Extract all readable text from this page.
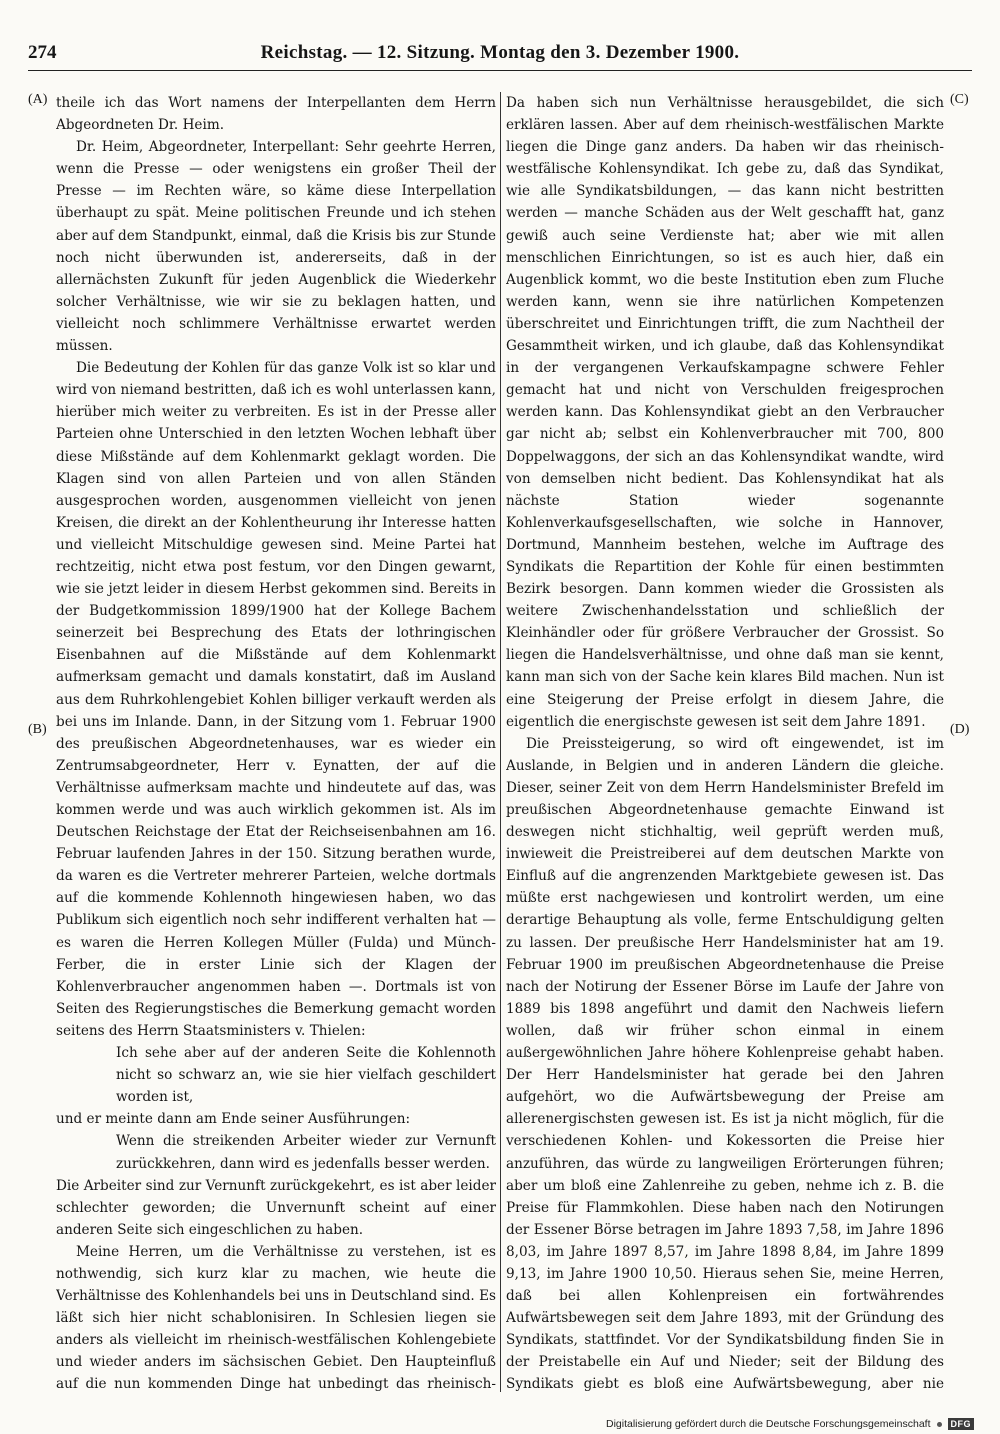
274	Reichstag. — 12. Sitzung. Montag den 3. Dezember 1900.
(A)
(B)
(C)
(D)

theile ich das Wort namens der Interpellanten dem Herrn Abgeordneten Dr. Heim.

Dr. Heim, Abgeordneter, Interpellant: Sehr geehrte Herren, wenn die Presse — oder wenigstens ein großer Theil der Presse — im Rechten wäre, so käme diese Interpellation überhaupt zu spät. Meine politischen Freunde und ich stehen aber auf dem Standpunkt, einmal, daß die Krisis bis zur Stunde noch nicht überwunden ist, andererseits, daß in der allernächsten Zukunft für jeden Augenblick die Wiederkehr solcher Verhältnisse, wie wir sie zu beklagen hatten, und vielleicht noch schlimmere Verhältnisse erwartet werden müssen.

Die Bedeutung der Kohlen für das ganze Volk ist so klar und wird von niemand bestritten, daß ich es wohl unterlassen kann, hierüber mich weiter zu verbreiten. Es ist in der Presse aller Parteien ohne Unterschied in den letzten Wochen lebhaft über diese Mißstände auf dem Kohlenmarkt geklagt worden. Die Klagen sind von allen Parteien und von allen Ständen ausgesprochen worden, ausgenommen vielleicht von jenen Kreisen, die direkt an der Kohlentheurung ihr Interesse hatten und vielleicht Mitschuldige gewesen sind. Meine Partei hat rechtzeitig, nicht etwa post festum, vor den Dingen gewarnt, wie sie jetzt leider in diesem Herbst gekommen sind. Bereits in der Budgetkommission 1899/1900 hat der Kollege Bachem seinerzeit bei Besprechung des Etats der lothringischen Eisenbahnen auf die Mißstände auf dem Kohlenmarkt aufmerksam gemacht und damals konstatirt, daß im Ausland aus dem Ruhrkohlengebiet Kohlen billiger verkauft werden als bei uns im Inlande. Dann, in der Sitzung vom 1. Februar 1900 des preußischen Abgeordnetenhauses, war es wieder ein Zentrumsabgeordneter, Herr v. Eynatten, der auf die Verhältnisse aufmerksam machte und hindeutete auf das, was kommen werde und was auch wirklich gekommen ist. Als im Deutschen Reichstage der Etat der Reichseisenbahnen am 16. Februar laufenden Jahres in der 150. Sitzung berathen wurde, da waren es die Vertreter mehrerer Parteien, welche dortmals auf die kommende Kohlennoth hingewiesen haben, wo das Publikum sich eigentlich noch sehr indifferent verhalten hat — es waren die Herren Kollegen Müller (Fulda) und Münch-Ferber, die in erster Linie sich der Klagen der Kohlenverbraucher angenommen haben —. Dortmals ist von Seiten des Regierungstisches die Bemerkung gemacht worden seitens des Herrn Staatsministers v. Thielen:

Ich sehe aber auf der anderen Seite die Kohlennoth nicht so schwarz an, wie sie hier vielfach geschildert worden ist,

und er meinte dann am Ende seiner Ausführungen:

Wenn die streikenden Arbeiter wieder zur Vernunft zurückkehren, dann wird es jedenfalls besser werden.

Die Arbeiter sind zur Vernunft zurückgekehrt, es ist aber leider schlechter geworden; die Unvernunft scheint auf einer anderen Seite sich eingeschlichen zu haben.

Meine Herren, um die Verhältnisse zu verstehen, ist es nothwendig, sich kurz klar zu machen, wie heute die Verhältnisse des Kohlenhandels bei uns in Deutschland sind. Es läßt sich hier nicht schablonisiren. In Schlesien liegen sie anders als vielleicht im rheinisch-westfälischen Kohlengebiete und wieder anders im sächsischen Gebiet. Den Haupteinfluß auf die nun kommenden Dinge hat unbedingt das rheinisch-

Da haben sich nun Verhältnisse herausgebildet, die sich erklären lassen. Aber auf dem rheinisch-westfälischen Markte liegen die Dinge ganz anders. Da haben wir das rheinisch-westfälische Kohlensyndikat. Ich gebe zu, daß das Syndikat, wie alle Syndikatsbildungen, — das kann nicht bestritten werden — manche Schäden aus der Welt geschafft hat, ganz gewiß auch seine Verdienste hat; aber wie mit allen menschlichen Einrichtungen, so ist es auch hier, daß ein Augenblick kommt, wo die beste Institution eben zum Fluche werden kann, wenn sie ihre natürlichen Kompetenzen überschreitet und Einrichtungen trifft, die zum Nachtheil der Gesammtheit wirken, und ich glaube, daß das Kohlensyndikat in der vergangenen Verkaufskampagne schwere Fehler gemacht hat und nicht von Verschulden freigesprochen werden kann. Das Kohlensyndikat giebt an den Verbraucher gar nicht ab; selbst ein Kohlenverbraucher mit 700, 800 Doppelwaggons, der sich an das Kohlensyndikat wandte, wird von demselben nicht bedient. Das Kohlensyndikat hat als nächste Station wieder sogenannte Kohlenverkaufsgesellschaften, wie solche in Hannover, Dortmund, Mannheim bestehen, welche im Auftrage des Syndikats die Repartition der Kohle für einen bestimmten Bezirk besorgen. Dann kommen wieder die Grossisten als weitere Zwischenhandelsstation und schließlich der Kleinhändler oder für größere Verbraucher der Grossist. So liegen die Handelsverhältnisse, und ohne daß man sie kennt, kann man sich von der Sache kein klares Bild machen. Nun ist eine Steigerung der Preise erfolgt in diesem Jahre, die eigentlich die energischste gewesen ist seit dem Jahre 1891.

Die Preissteigerung, so wird oft eingewendet, ist im Auslande, in Belgien und in anderen Ländern die gleiche. Dieser, seiner Zeit von dem Herrn Handelsminister Brefeld im preußischen Abgeordnetenhause gemachte Einwand ist deswegen nicht stichhaltig, weil geprüft werden muß, inwieweit die Preistreiberei auf dem deutschen Markte von Einfluß auf die angrenzenden Marktgebiete gewesen ist. Das müßte erst nachgewiesen und kontrolirt werden, um eine derartige Behauptung als volle, ferme Entschuldigung gelten zu lassen. Der preußische Herr Handelsminister hat am 19. Februar 1900 im preußischen Abgeordnetenhause die Preise nach der Notirung der Essener Börse im Laufe der Jahre von 1889 bis 1898 angeführt und damit den Nachweis liefern wollen, daß wir früher schon einmal in einem außergewöhnlichen Jahre höhere Kohlenpreise gehabt haben. Der Herr Handelsminister hat gerade bei den Jahren aufgehört, wo die Aufwärtsbewegung der Preise am allerenergischsten gewesen ist. Es ist ja nicht möglich, für die verschiedenen Kohlen- und Kokessorten die Preise hier anzuführen, das würde zu langweiligen Erörterungen führen; aber um bloß eine Zahlenreihe zu geben, nehme ich z. B. die Preise für Flammkohlen. Diese haben nach den Notirungen der Essener Börse betragen im Jahre 1893 7,58, im Jahre 1896 8,03, im Jahre 1897 8,57, im Jahre 1898 8,84, im Jahre 1899 9,13, im Jahre 1900 10,50. Hieraus sehen Sie, meine Herren, daß bei allen Kohlenpreisen ein fortwährendes Aufwärtsbewegen seit dem Jahre 1893, mit der Gründung des Syndikats, stattfindet. Vor der Syndikatsbildung finden Sie in der Preistabelle ein Auf und Nieder; seit der Bildung des Syndikats giebt es bloß eine Aufwärtsbewegung, aber nie

Digitalisierung gefördert durch die Deutsche Forschungsgemeinschaft	DFG
